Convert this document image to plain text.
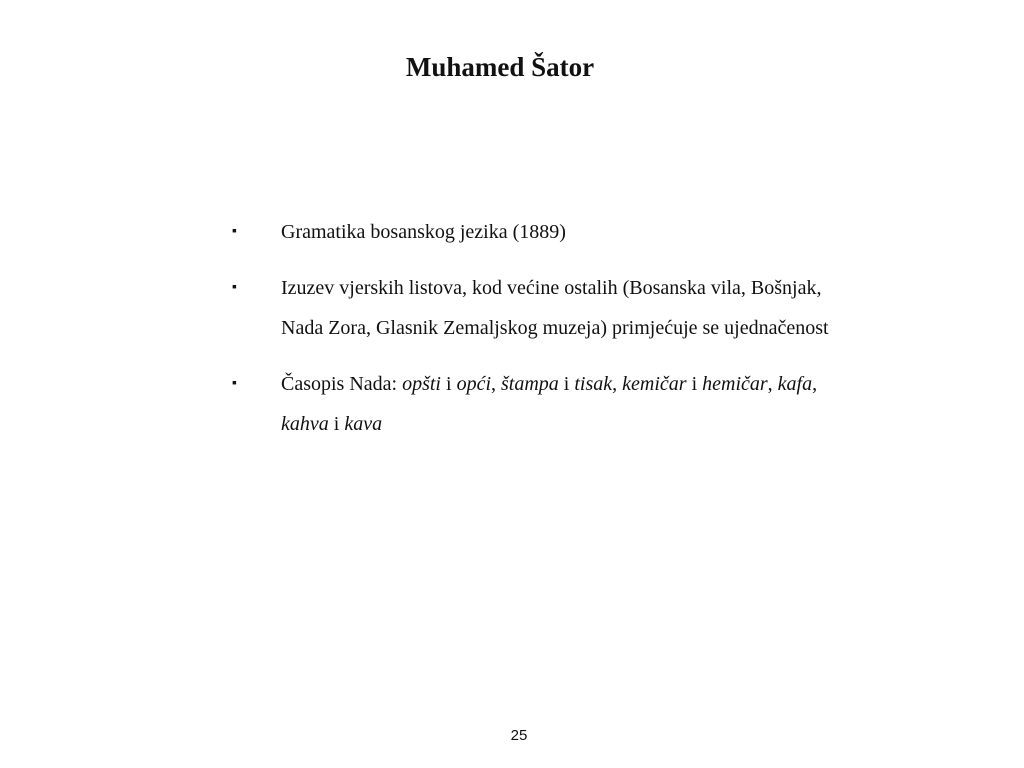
Muhamed Šator
▪
Gramatika bosanskog jezika (1889)
▪
Izuzev vjerskih listova, kod većine ostalih (Bosanska vila, Bošnjak, Nada Zora, Glasnik Zemaljskog muzeja) primjećuje se ujednačenost
▪
Časopis Nada: opšti i opći, štampa i tisak, kemičar i hemičar, kafa, kahva i kava
25
